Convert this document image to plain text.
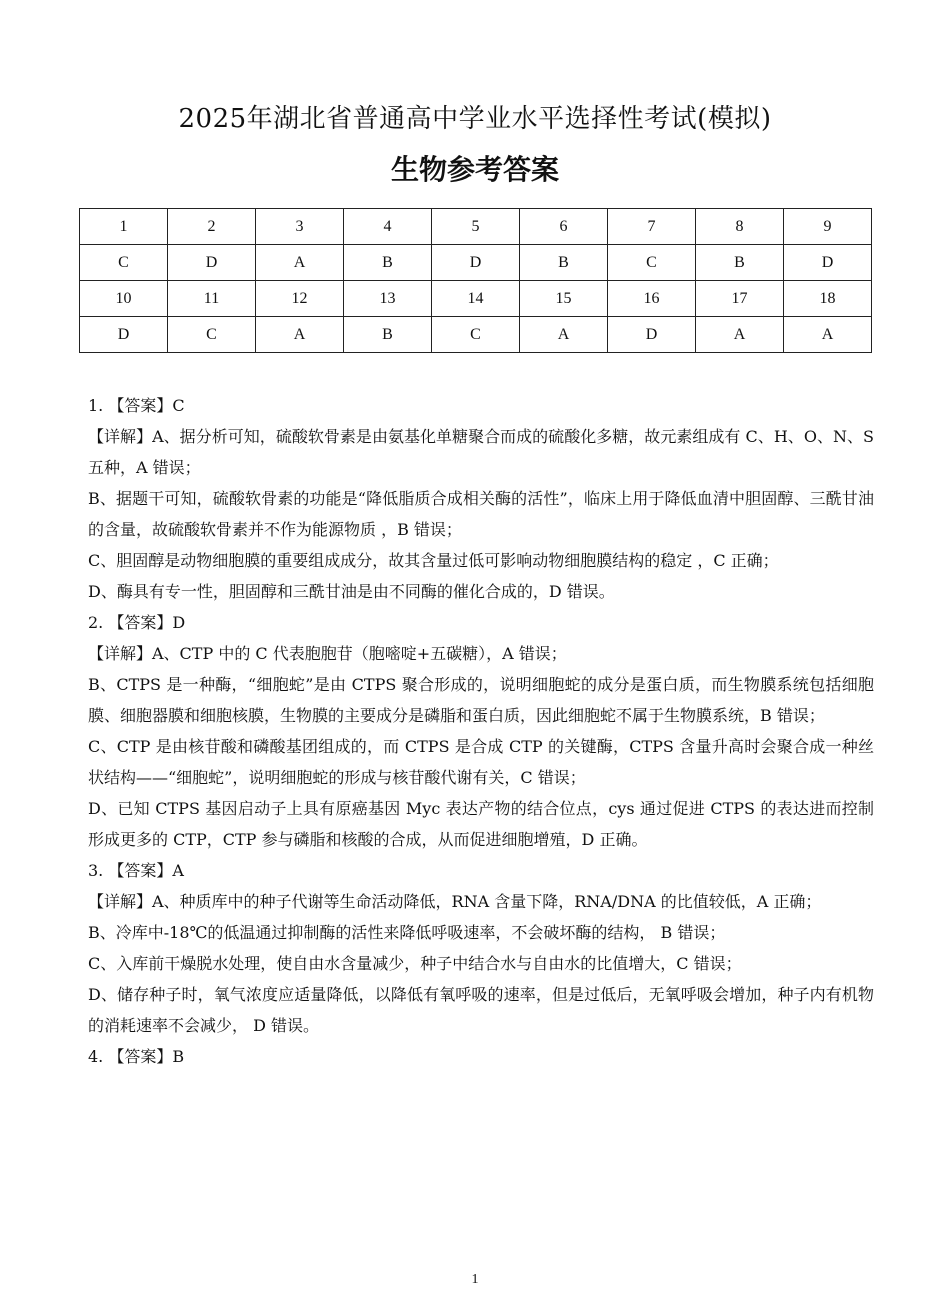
2025年湖北省普通高中学业水平选择性考试(模拟)
生物参考答案
1	2	3	4	5	6	7	8	9
C	D	A	B	D	B	C	B	D
10	11	12	13	14	15	16	17	18
D	C	A	B	C	A	D	A	A

1. 【答案】C

【详解】A、据分析可知，硫酸软骨素是由氨基化单糖聚合而成的硫酸化多糖，故元素组成有 C、H、O、N、S 五种，A 错误；

B、据题干可知，硫酸软骨素的功能是“降低脂质合成相关酶的活性”，临床上用于降低血清中胆固醇、三酰甘油的含量，故硫酸软骨素并不作为能源物质 ，B 错误；

C、胆固醇是动物细胞膜的重要组成成分，故其含量过低可影响动物细胞膜结构的稳定 ，C 正确；

D、酶具有专一性，胆固醇和三酰甘油是由不同酶的催化合成的，D 错误。

2. 【答案】D

【详解】A、CTP 中的 C 代表胞胞苷（胞嘧啶+五碳糖），A 错误；

B、CTPS 是一种酶，“细胞蛇”是由 CTPS 聚合形成的，说明细胞蛇的成分是蛋白质，而生物膜系统包括细胞膜、细胞器膜和细胞核膜，生物膜的主要成分是磷脂和蛋白质，因此细胞蛇不属于生物膜系统，B 错误；

C、CTP 是由核苷酸和磷酸基团组成的，而 CTPS 是合成 CTP 的关键酶，CTPS 含量升高时会聚合成一种丝状结构——“细胞蛇”，说明细胞蛇的形成与核苷酸代谢有关，C 错误；

D、已知 CTPS 基因启动子上具有原癌基因 Myc 表达产物的结合位点，cys 通过促进 CTPS 的表达进而控制形成更多的 CTP，CTP 参与磷脂和核酸的合成，从而促进细胞增殖，D 正确。

3. 【答案】A

【详解】A、种质库中的种子代谢等生命活动降低，RNA 含量下降，RNA/DNA 的比值较低，A 正确；

B、冷库中-18℃的低温通过抑制酶的活性来降低呼吸速率，不会破坏酶的结构， B 错误；

C、入库前干燥脱水处理，使自由水含量减少，种子中结合水与自由水的比值增大，C 错误；

D、储存种子时，氧气浓度应适量降低，以降低有氧呼吸的速率，但是过低后，无氧呼吸会增加，种子内有机物的消耗速率不会减少， D 错误。

4. 【答案】B

1
